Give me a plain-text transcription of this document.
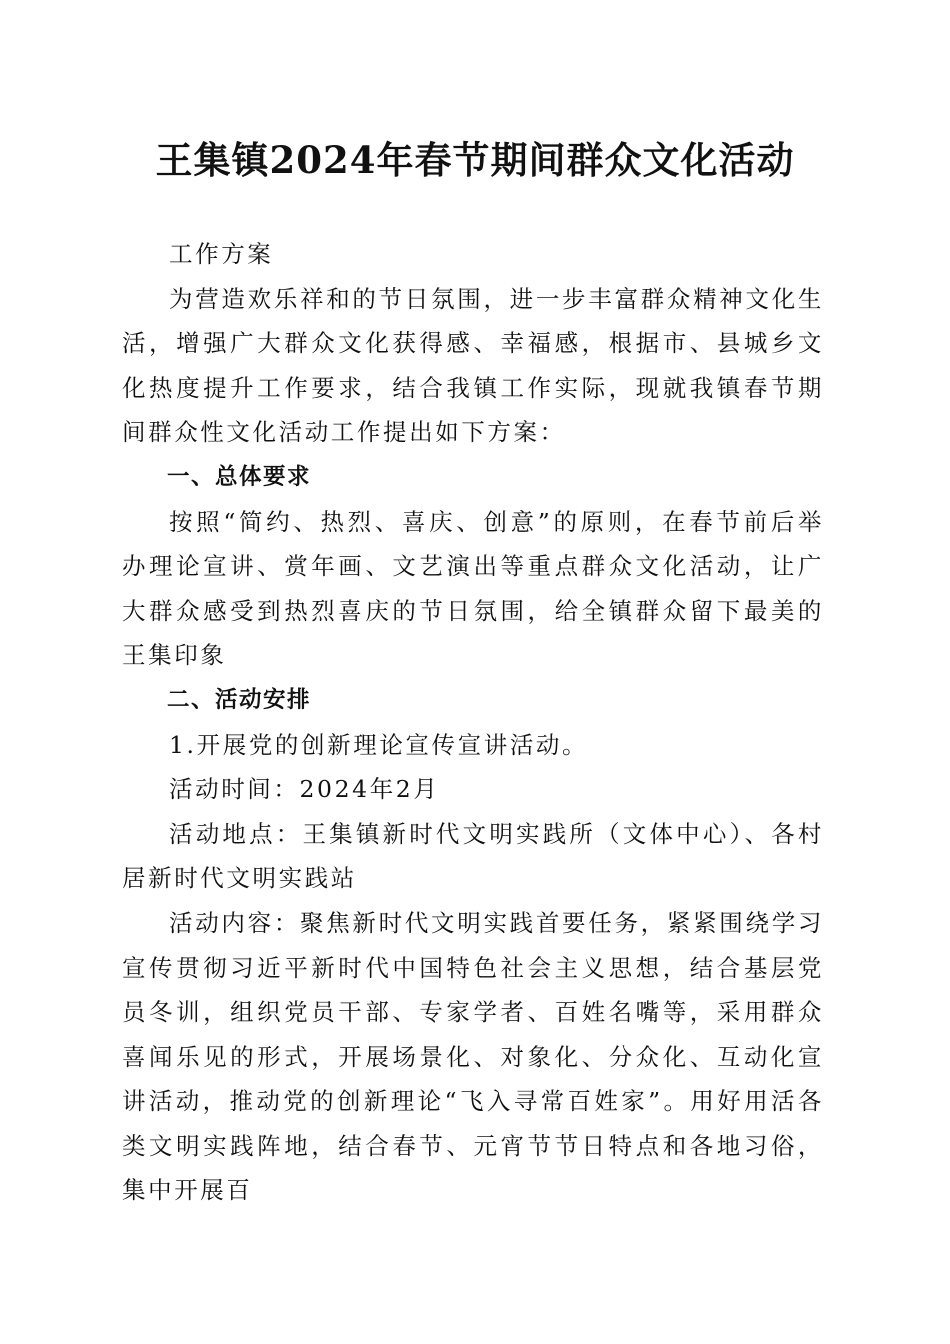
王集镇2024年春节期间群众文化活动

工作方案

为营造欢乐祥和的节日氛围，进一步丰富群众精神文化生活，增强广大群众文化获得感、幸福感，根据市、县城乡文化热度提升工作要求，结合我镇工作实际，现就我镇春节期间群众性文化活动工作提出如下方案：

一、总体要求

按照“简约、热烈、喜庆、创意”的原则，在春节前后举办理论宣讲、赏年画、文艺演出等重点群众文化活动，让广大群众感受到热烈喜庆的节日氛围，给全镇群众留下最美的王集印象

二、活动安排

1.开展党的创新理论宣传宣讲活动。

活动时间：2024年2月

活动地点：王集镇新时代文明实践所（文体中心）、各村居新时代文明实践站

活动内容：聚焦新时代文明实践首要任务，紧紧围绕学习宣传贯彻习近平新时代中国特色社会主义思想，结合基层党员冬训，组织党员干部、专家学者、百姓名嘴等，采用群众喜闻乐见的形式，开展场景化、对象化、分众化、互动化宣讲活动，推动党的创新理论“飞入寻常百姓家”。用好用活各类文明实践阵地，结合春节、元宵节节日特点和各地习俗，集中开展百
